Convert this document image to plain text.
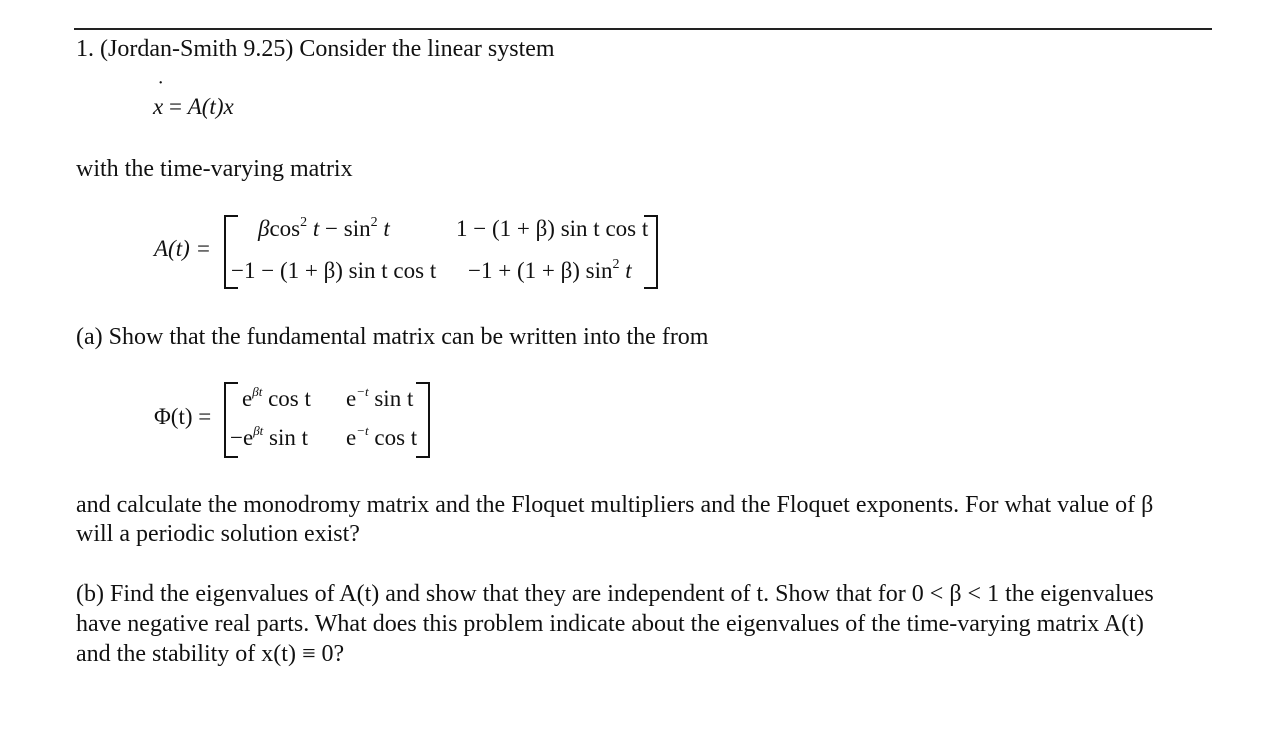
1. (Jordan-Smith 9.25) Consider the linear system
˙
x = A(t)x
with the time-varying matrix
A(t) =
βcos$^2$ $t - \sin^2 t$	1 − (1 + β) sin t cos t
−1 − (1 + β) sin t cos t −1 + (1 + β) $\sin^2 t$
(a) Show that the fundamental matrix can be written into the from
Φ(t) =
$e^{\beta t}$ cos t $e^{-t}$ sin t
$-e^{\beta t}$ sin t $e^{-t}$ cos t
and calculate the monodromy matrix and the Floquet multipliers and the Floquet exponents. For what value of β
will a periodic solution exist?
(b) Find the eigenvalues of A(t) and show that they are independent of t. Show that for 0 < β < 1 the eigenvalues
have negative real parts. What does this problem indicate about the eigenvalues of the time-varying matrix A(t)
and the stability of x(t) ≡ 0?
